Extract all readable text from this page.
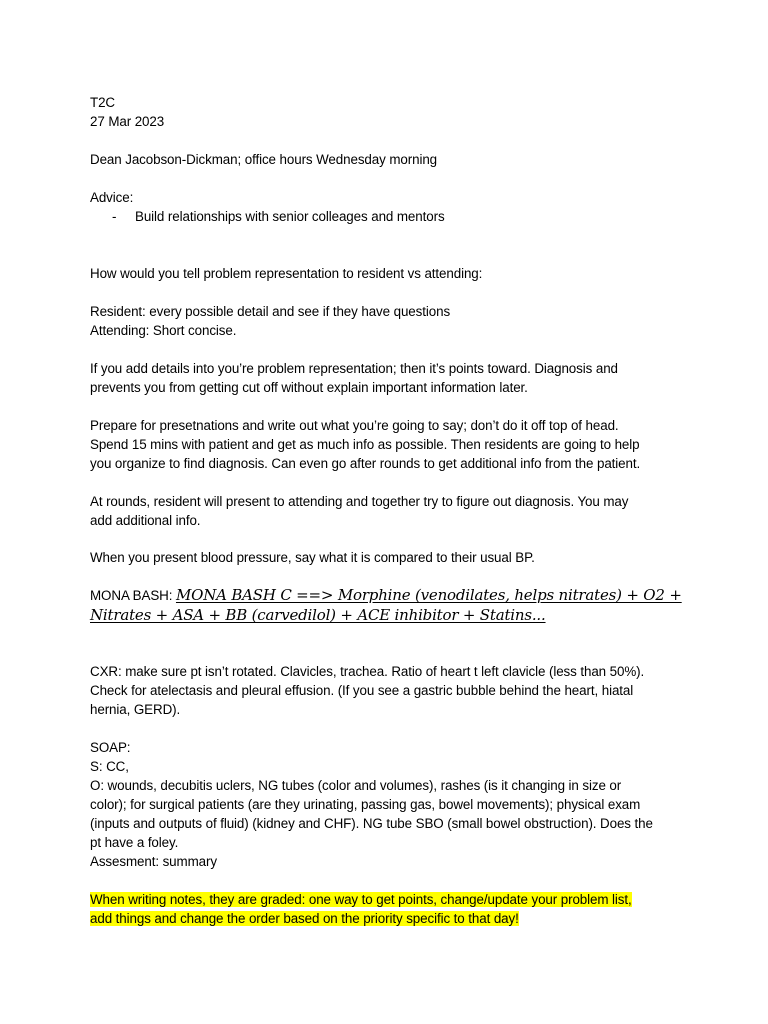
T2C
27 Mar 2023
Dean Jacobson-Dickman; office hours Wednesday morning
Advice:
- Build relationships with senior colleages and mentors
How would you tell problem representation to resident vs attending:
Resident: every possible detail and see if they have questions
Attending: Short concise.
If you add details into you’re problem representation; then it’s points toward. Diagnosis and
prevents you from getting cut off without explain important information later.
Prepare for presetnations and write out what you’re going to say; don’t do it off top of head.
Spend 15 mins with patient and get as much info as possible. Then residents are going to help
you organize to find diagnosis. Can even go after rounds to get additional info from the patient.
At rounds, resident will present to attending and together try to figure out diagnosis. You may
add additional info.
When you present blood pressure, say what it is compared to their usual BP.
MONA BASH: MONA BASH C ==> Morphine (venodilates, helps nitrates) + O2 +
Nitrates + ASA + BB (carvedilol) + ACE inhibitor + Statins...
CXR: make sure pt isn’t rotated. Clavicles, trachea. Ratio of heart t left clavicle (less than 50%).
Check for atelectasis and pleural effusion. (If you see a gastric bubble behind the heart, hiatal
hernia, GERD).
SOAP:
S: CC,
O: wounds, decubitis uclers, NG tubes (color and volumes), rashes (is it changing in size or
color); for surgical patients (are they urinating, passing gas, bowel movements); physical exam
(inputs and outputs of fluid) (kidney and CHF). NG tube SBO (small bowel obstruction). Does the
pt have a foley.
Assesment: summary
When writing notes, they are graded: one way to get points, change/update your problem list,
add things and change the order based on the priority specific to that day!
